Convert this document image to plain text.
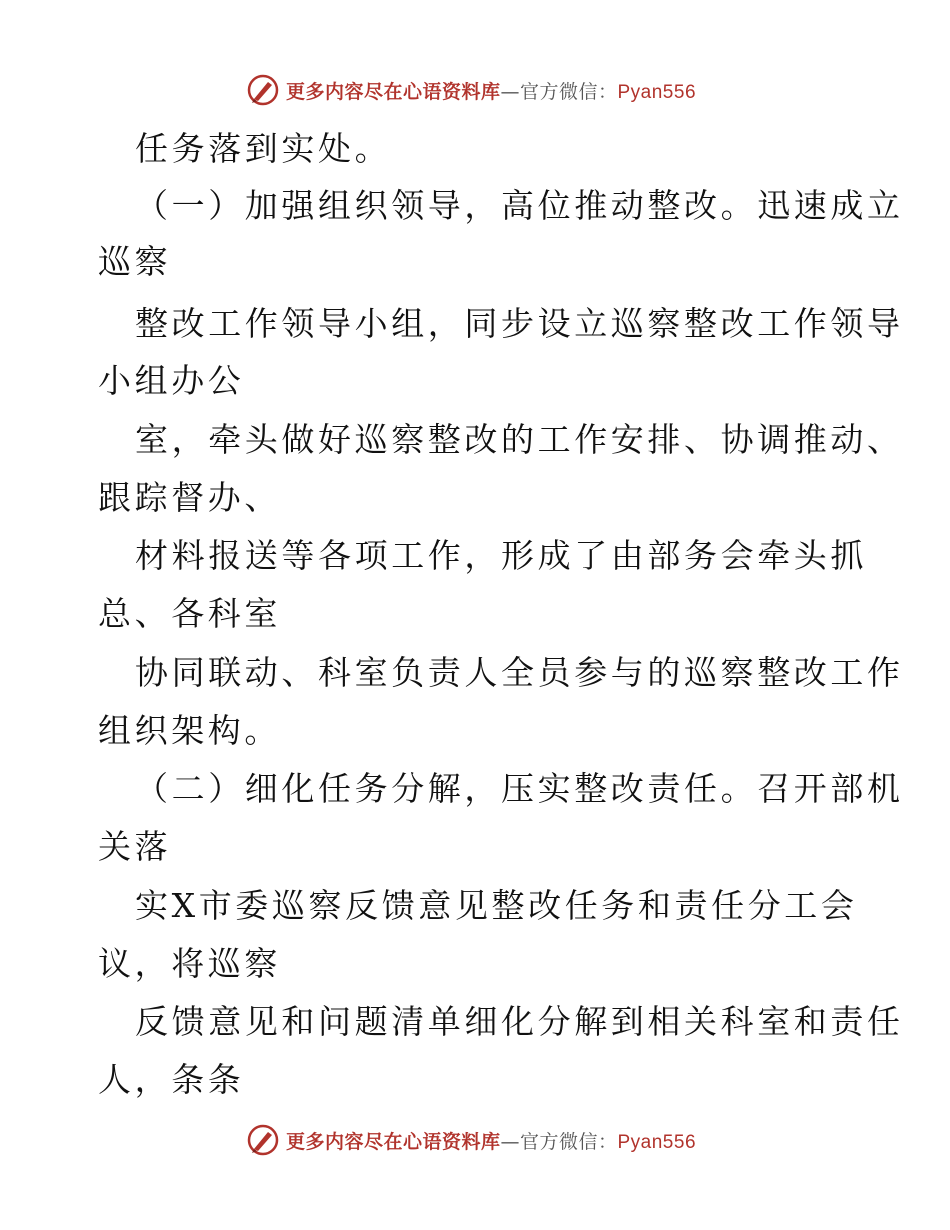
更多内容尽在心语资料库—官方微信：Pyan556
任务落到实处。
（一）加强组织领导，高位推动整改。迅速成立
巡察
整改工作领导小组，同步设立巡察整改工作领导
小组办公
室，牵头做好巡察整改的工作安排、协调推动、
跟踪督办、
材料报送等各项工作，形成了由部务会牵头抓
总、各科室
协同联动、科室负责人全员参与的巡察整改工作
组织架构。
（二）细化任务分解，压实整改责任。召开部机
关落
实X市委巡察反馈意见整改任务和责任分工会
议，将巡察
反馈意见和问题清单细化分解到相关科室和责任
人，条条
更多内容尽在心语资料库—官方微信：Pyan556
